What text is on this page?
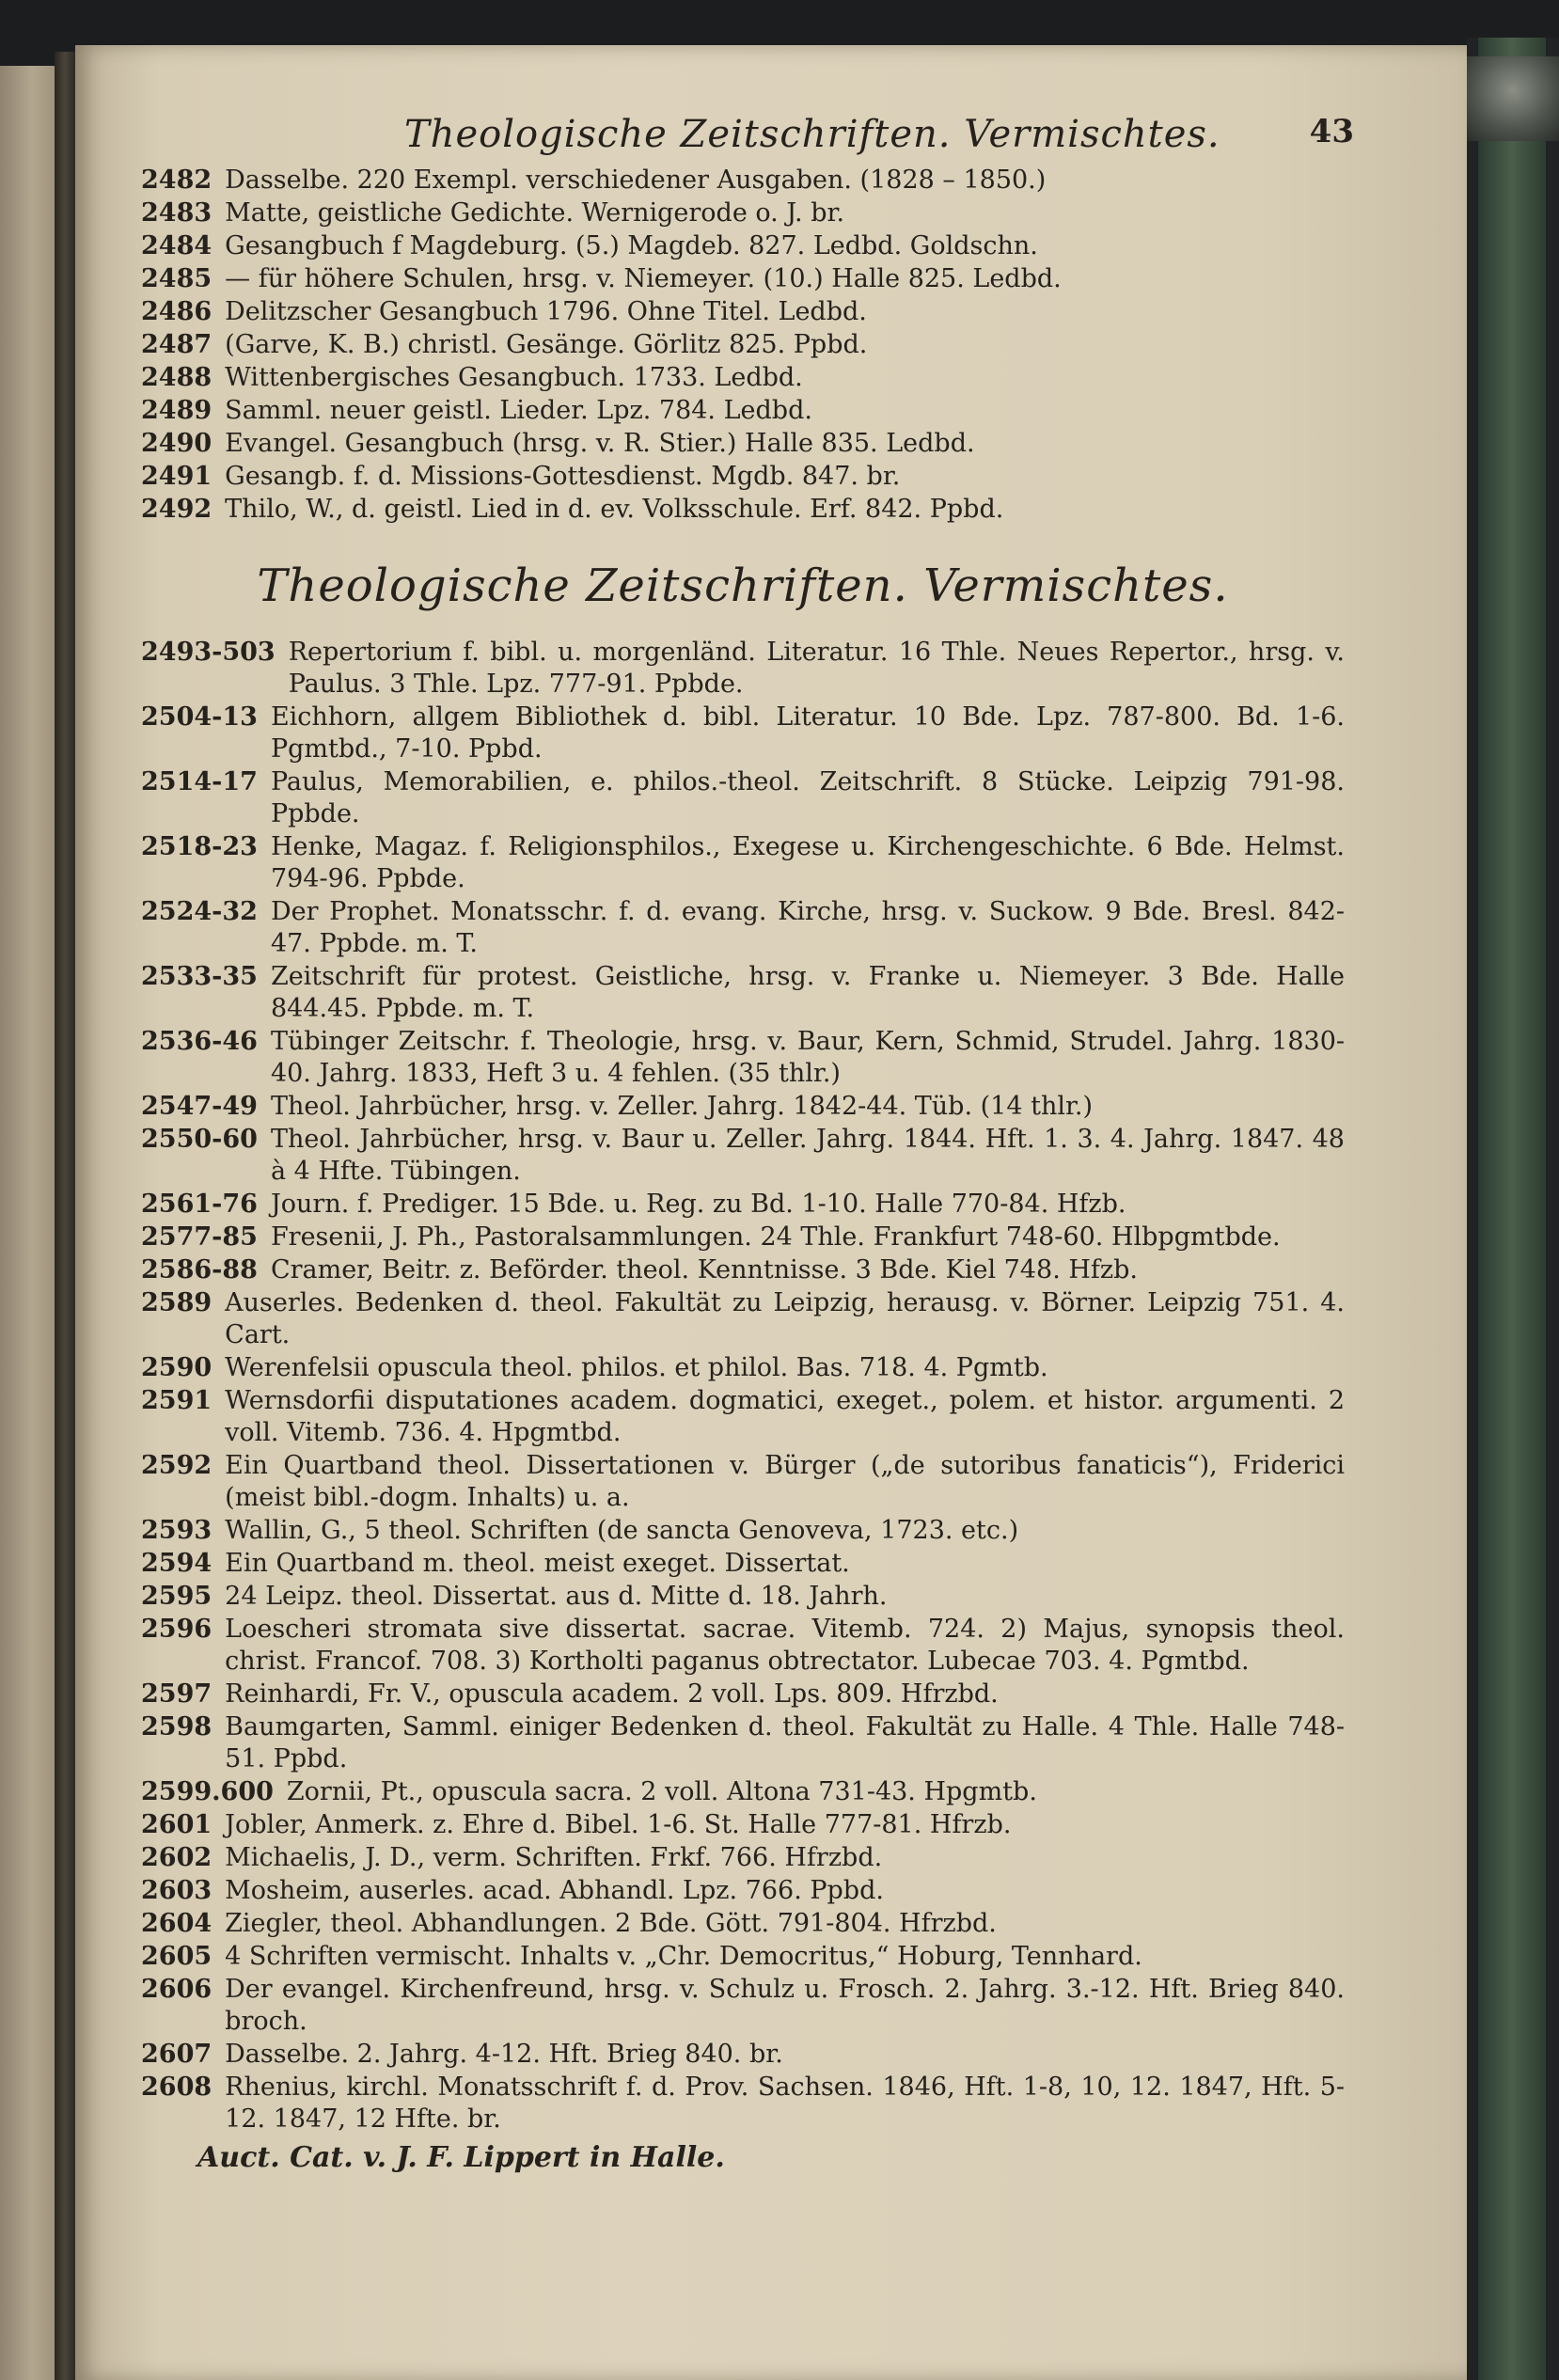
Theologische Zeitschriften. Vermischtes.	43
2482 Dasselbe. 220 Exempl. verschiedener Ausgaben. (1828 – 1850.)
2483 Matte, geistliche Gedichte. Wernigerode o. J. br.
2484 Gesangbuch f Magdeburg. (5.) Magdeb. 827. Ledbd. Goldschn.
2485 — für höhere Schulen, hrsg. v. Niemeyer. (10.) Halle 825. Ledbd.
2486 Delitzscher Gesangbuch 1796. Ohne Titel. Ledbd.
2487 (Garve, K. B.) christl. Gesänge. Görlitz 825. Ppbd.
2488 Wittenbergisches Gesangbuch. 1733. Ledbd.
2489 Samml. neuer geistl. Lieder. Lpz. 784. Ledbd.
2490 Evangel. Gesangbuch (hrsg. v. R. Stier.) Halle 835. Ledbd.
2491 Gesangb. f. d. Missions-Gottesdienst. Mgdb. 847. br.
2492 Thilo, W., d. geistl. Lied in d. ev. Volksschule. Erf. 842. Ppbd.
Theologische Zeitschriften. Vermischtes.
2493-503 Repertorium f. bibl. u. morgenländ. Literatur. 16 Thle. Neues Repertor., hrsg. v. Paulus. 3 Thle. Lpz. 777-91. Ppbde.
2504-13 Eichhorn, allgem Bibliothek d. bibl. Literatur. 10 Bde. Lpz. 787-800. Bd. 1-6. Pgmtbd., 7-10. Ppbd.
2514-17 Paulus, Memorabilien, e. philos.-theol. Zeitschrift. 8 Stücke. Leipzig 791-98. Ppbde.
2518-23 Henke, Magaz. f. Religionsphilos., Exegese u. Kirchengeschichte. 6 Bde. Helmst. 794-96. Ppbde.
2524-32 Der Prophet. Monatsschr. f. d. evang. Kirche, hrsg. v. Suckow. 9 Bde. Bresl. 842-47. Ppbde. m. T.
2533-35 Zeitschrift für protest. Geistliche, hrsg. v. Franke u. Niemeyer. 3 Bde. Halle 844.45. Ppbde. m. T.
2536-46 Tübinger Zeitschr. f. Theologie, hrsg. v. Baur, Kern, Schmid, Strudel. Jahrg. 1830-40. Jahrg. 1833, Heft 3 u. 4 fehlen. (35 thlr.)
2547-49 Theol. Jahrbücher, hrsg. v. Zeller. Jahrg. 1842-44. Tüb. (14 thlr.)
2550-60 Theol. Jahrbücher, hrsg. v. Baur u. Zeller. Jahrg. 1844. Hft. 1. 3. 4. Jahrg. 1847. 48 à 4 Hfte. Tübingen.
2561-76 Journ. f. Prediger. 15 Bde. u. Reg. zu Bd. 1-10. Halle 770-84. Hfzb.
2577-85 Fresenii, J. Ph., Pastoralsammlungen. 24 Thle. Frankfurt 748-60. Hlbpgmtbde.
2586-88 Cramer, Beitr. z. Beförder. theol. Kenntnisse. 3 Bde. Kiel 748. Hfzb.
2589 Auserles. Bedenken d. theol. Fakultät zu Leipzig, herausg. v. Börner. Leipzig 751. 4. Cart.
2590 Werenfelsii opuscula theol. philos. et philol. Bas. 718. 4. Pgmtb.
2591 Wernsdorfii disputationes academ. dogmatici, exeget., polem. et histor. argumenti. 2 voll. Vitemb. 736. 4. Hpgmtbd.
2592 Ein Quartband theol. Dissertationen v. Bürger („de sutoribus fanaticis“), Friderici (meist bibl.-dogm. Inhalts) u. a.
2593 Wallin, G., 5 theol. Schriften (de sancta Genoveva, 1723. etc.)
2594 Ein Quartband m. theol. meist exeget. Dissertat.
2595 24 Leipz. theol. Dissertat. aus d. Mitte d. 18. Jahrh.
2596 Loescheri stromata sive dissertat. sacrae. Vitemb. 724. 2) Majus, synopsis theol. christ. Francof. 708. 3) Kortholti paganus obtrectator. Lubecae 703. 4. Pgmtbd.
2597 Reinhardi, Fr. V., opuscula academ. 2 voll. Lps. 809. Hfrzbd.
2598 Baumgarten, Samml. einiger Bedenken d. theol. Fakultät zu Halle. 4 Thle. Halle 748-51. Ppbd.
2599.600 Zornii, Pt., opuscula sacra. 2 voll. Altona 731-43. Hpgmtb.
2601 Jobler, Anmerk. z. Ehre d. Bibel. 1-6. St. Halle 777-81. Hfrzb.
2602 Michaelis, J. D., verm. Schriften. Frkf. 766. Hfrzbd.
2603 Mosheim, auserles. acad. Abhandl. Lpz. 766. Ppbd.
2604 Ziegler, theol. Abhandlungen. 2 Bde. Gött. 791-804. Hfrzbd.
2605 4 Schriften vermischt. Inhalts v. „Chr. Democritus,“ Hoburg, Tennhard.
2606 Der evangel. Kirchenfreund, hrsg. v. Schulz u. Frosch. 2. Jahrg. 3.-12. Hft. Brieg 840. broch.
2607 Dasselbe. 2. Jahrg. 4-12. Hft. Brieg 840. br.
2608 Rhenius, kirchl. Monatsschrift f. d. Prov. Sachsen. 1846, Hft. 1-8, 10, 12. 1847, Hft. 5-12. 1847, 12 Hfte. br.
Auct. Cat. v. J. F. Lippert in Halle.
